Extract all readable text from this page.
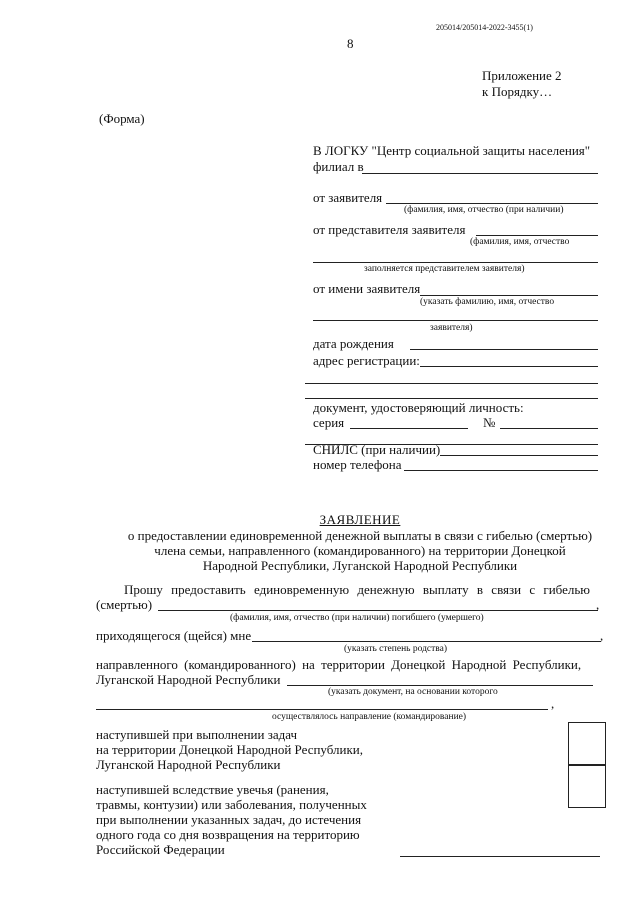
205014/205014-2022-3455(1)
8
Приложение 2
к Порядку…
(Форма)
В ЛОГКУ "Центр социальной защиты населения"
филиал в
от заявителя
(фамилия, имя, отчество (при наличии)
от представителя заявителя
(фамилия, имя, отчество
заполняется представителем заявителя)
от имени заявителя
(указать фамилию, имя, отчество
заявителя)
дата рождения
адрес регистрации:
документ, удостоверяющий личность:
серия	№
СНИЛС (при наличии)
номер телефона
ЗАЯВЛЕНИЕ
о предоставлении единовременной денежной выплаты в связи с гибелью (смертью)
члена семьи, направленного (командированного) на территории Донецкой
Народной Республики, Луганской Народной Республики
Прошу предоставить единовременную денежную выплату в связи с гибелью
(смертью)	,
(фамилия, имя, отчество (при наличии) погибшего (умершего)
приходящегося (щейся) мне	,
(указать степень родства)
направленного (командированного) на территории Донецкой Народной Республики,
Луганской Народной Республики
(указать документ, на основании которого
,
осуществлялось направление (командирование)
наступившей при выполнении задач
на территории Донецкой Народной Республики,
Луганской Народной Республики
наступившей вследствие увечья (ранения,
травмы, контузии) или заболевания, полученных
при выполнении указанных задач, до истечения
одного года со дня возвращения на территорию
Российской Федерации
